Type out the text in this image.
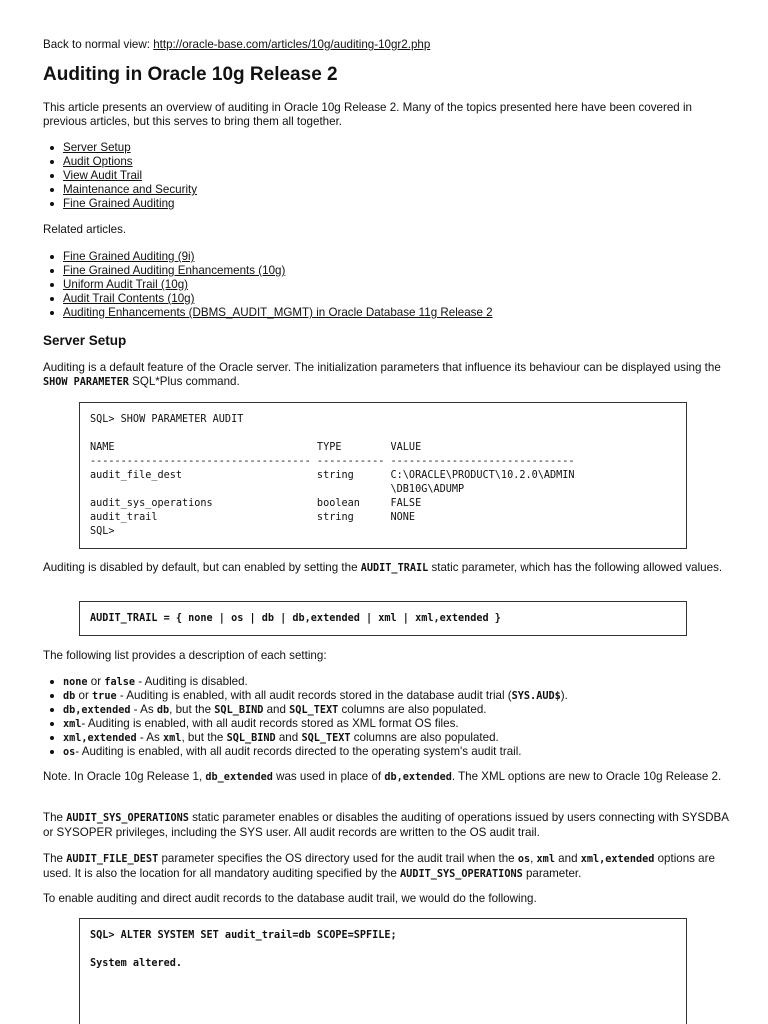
Back to normal view: http://oracle-base.com/articles/10g/auditing-10gr2.php
Auditing in Oracle 10g Release 2

This article presents an overview of auditing in Oracle 10g Release 2. Many of the topics presented here have been covered in previous articles, but this serves to bring them all together.

Server Setup
Audit Options
View Audit Trail
Maintenance and Security
Fine Grained Auditing

Related articles.

Fine Grained Auditing (9i)
Fine Grained Auditing Enhancements (10g)
Uniform Audit Trail (10g)
Audit Trail Contents (10g)
Auditing Enhancements (DBMS_AUDIT_MGMT) in Oracle Database 11g Release 2
Server Setup

Auditing is a default feature of the Oracle server. The initialization parameters that influence its behaviour can be displayed using the SHOW PARAMETER SQL*Plus command.

SQL> SHOW PARAMETER AUDIT

NAME                                 TYPE        VALUE
------------------------------------ ----------- ------------------------------
audit_file_dest                      string      C:\ORACLE\PRODUCT\10.2.0\ADMIN
\DB10G\ADUMP
audit_sys_operations                 boolean     FALSE
audit_trail                          string      NONE
SQL>

Auditing is disabled by default, but can enabled by setting the AUDIT_TRAIL static parameter, which has the following allowed values.

AUDIT_TRAIL = { none | os | db | db,extended | xml | xml,extended }

The following list provides a description of each setting:

none or false - Auditing is disabled.
db or true - Auditing is enabled, with all audit records stored in the database audit trial (SYS.AUD$).
db,extended - As db, but the SQL_BIND and SQL_TEXT columns are also populated.
xml- Auditing is enabled, with all audit records stored as XML format OS files.
xml,extended - As xml, but the SQL_BIND and SQL_TEXT columns are also populated.
os- Auditing is enabled, with all audit records directed to the operating system's audit trail.

Note. In Oracle 10g Release 1, db_extended was used in place of db,extended. The XML options are new to Oracle 10g Release 2.

The AUDIT_SYS_OPERATIONS static parameter enables or disables the auditing of operations issued by users connecting with SYSDBA or SYSOPER privileges, including the SYS user. All audit records are written to the OS audit trail.

The AUDIT_FILE_DEST parameter specifies the OS directory used for the audit trail when the os, xml and xml,extended options are used. It is also the location for all mandatory auditing specified by the AUDIT_SYS_OPERATIONS parameter.

To enable auditing and direct audit records to the database audit trail, we would do the following.

SQL> ALTER SYSTEM SET audit_trail=db SCOPE=SPFILE;

System altered.
